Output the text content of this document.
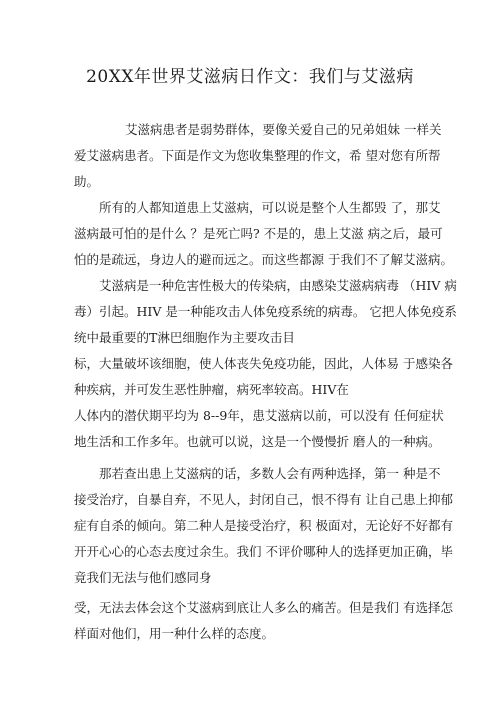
20XX年世界艾滋病日作文：我们与艾滋病
艾滋病患者是弱势群体，要像关爱自己的兄弟姐妹 一样关
爱艾滋病患者。下面是作文为您收集整理的作文，希 望对您有所帮
助。
所有的人都知道患上艾滋病，可以说是整个人生都毁 了，那艾
滋病最可怕的是什么 ？是死亡吗? 不是的，患上艾滋 病之后，最可
怕的是疏远，身边人的避而远之。而这些都源 于我们不了解艾滋病。
艾滋病是一种危害性极大的传染病，由感染艾滋病病毒 （HIV 病
毒）引起。HIV 是一种能攻击人体免疫系统的病毒。 它把人体免疫系
统中最重要的T淋巴细胞作为主要攻击目
标，大量破坏该细胞，使人体丧失免疫功能，因此，人体易 于感染各
种疾病，并可发生恶性肿瘤，病死率较高。HIV在
人体内的潜伏期平均为 8--9年，患艾滋病以前，可以没有 任何症状
地生活和工作多年。也就可以说，这是一个慢慢折 磨人的一种病。
那若查出患上艾滋病的话，多数人会有两种选择，第一 种是不
接受治疗，自暴自弃，不见人，封闭自己，恨不得有 让自己患上抑郁
症有自杀的倾向。第二种人是接受治疗，积 极面对，无论好不好都有
开开心心的心态去度过余生。我们 不评价哪种人的选择更加正确，毕
竟我们无法与他们感同身
受，无法去体会这个艾滋病到底让人多么的痛苦。但是我们 有选择怎
样面对他们，用一种什么样的态度。
